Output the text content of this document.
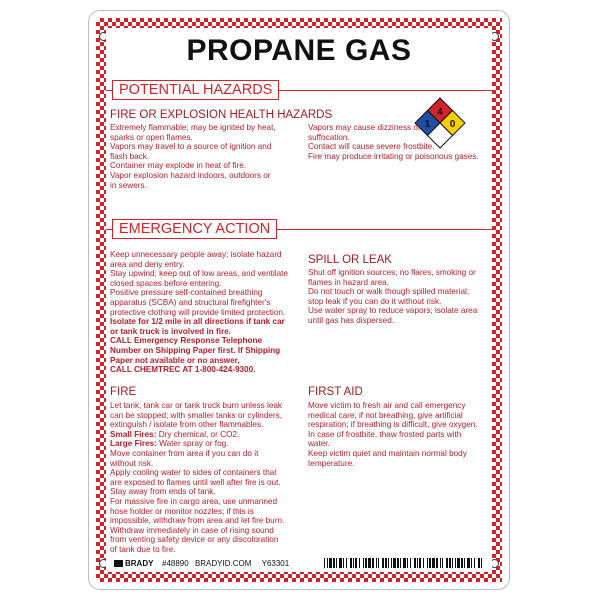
PROPANE GAS
POTENTIAL HAZARDS
FIRE OR EXPLOSION HEALTH HAZARDS	4
1 0
Extremely flammable; may be ignited by heat,
sparks or open flames.
Vapors may travel to a source of ignition and
flash back.
Container may explode in heat of fire.
Vapor explosion hazard indoors, outdoors or
in sewers.
Vapors may cause dizziness or
suffocation.
Contact will cause severe frostbite.
Fire may produce irritating or poisonous gases.
EMERGENCY ACTION
Keep unnecessary people away; isolate hazard
area and deny entry.
Stay upwind; keep out of low areas, and ventilate
closed spaces before entering.
Positive pressure self-contained breathing
apparatus (SCBA) and structural firefighter's
protective clothing will provide limited protection.
Isolate for 1/2 mile in all directions if tank car
or tank truck is involved in fire.
CALL Emergency Response Telephone
Number on Shipping Paper first. If Shipping
Paper not available or no answer,
CALL CHEMTREC AT 1-800-424-9300.
SPILL OR LEAK
Shut off ignition sources; no flares, smoking or
flames in hazard area.
Do not touch or walk though spilled material;
stop leak if you can do it without risk.
Use water spray to reduce vapors; isolate area
until gas has dispersed.
FIRE
Let tank, tank car or tank truck burn unless leak
can be stopped; with smaller tanks or cylinders,
extinguish / isolate from other flammables.
Small Fires: Dry chemical, or CO2.
Large Fires: Water spray or fog.
Move container from area if you can do it
without risk.
Apply cooling water to sides of containers that
are exposed to flames until well after fire is out.
Stay away from ends of tank.
For massive fire in cargo area, use unmanned
hose holder or monitor nozzles; if this is
impossible, withdraw from area and let fire burn.
Withdraw immediately in case of rising sound
from venting safety device or any discoloration
of tank due to fire.
FIRST AID
Move victim to fresh air and call emergency
medical care; if not breathing, give artificial
respiration; if breathing is difficult, give oxygen.
In case of frostbite, thaw frosted parts with
water.
Keep victim quiet and maintain normal body
temperature.
BRADY #48890 BRADYID.COM Y63301
